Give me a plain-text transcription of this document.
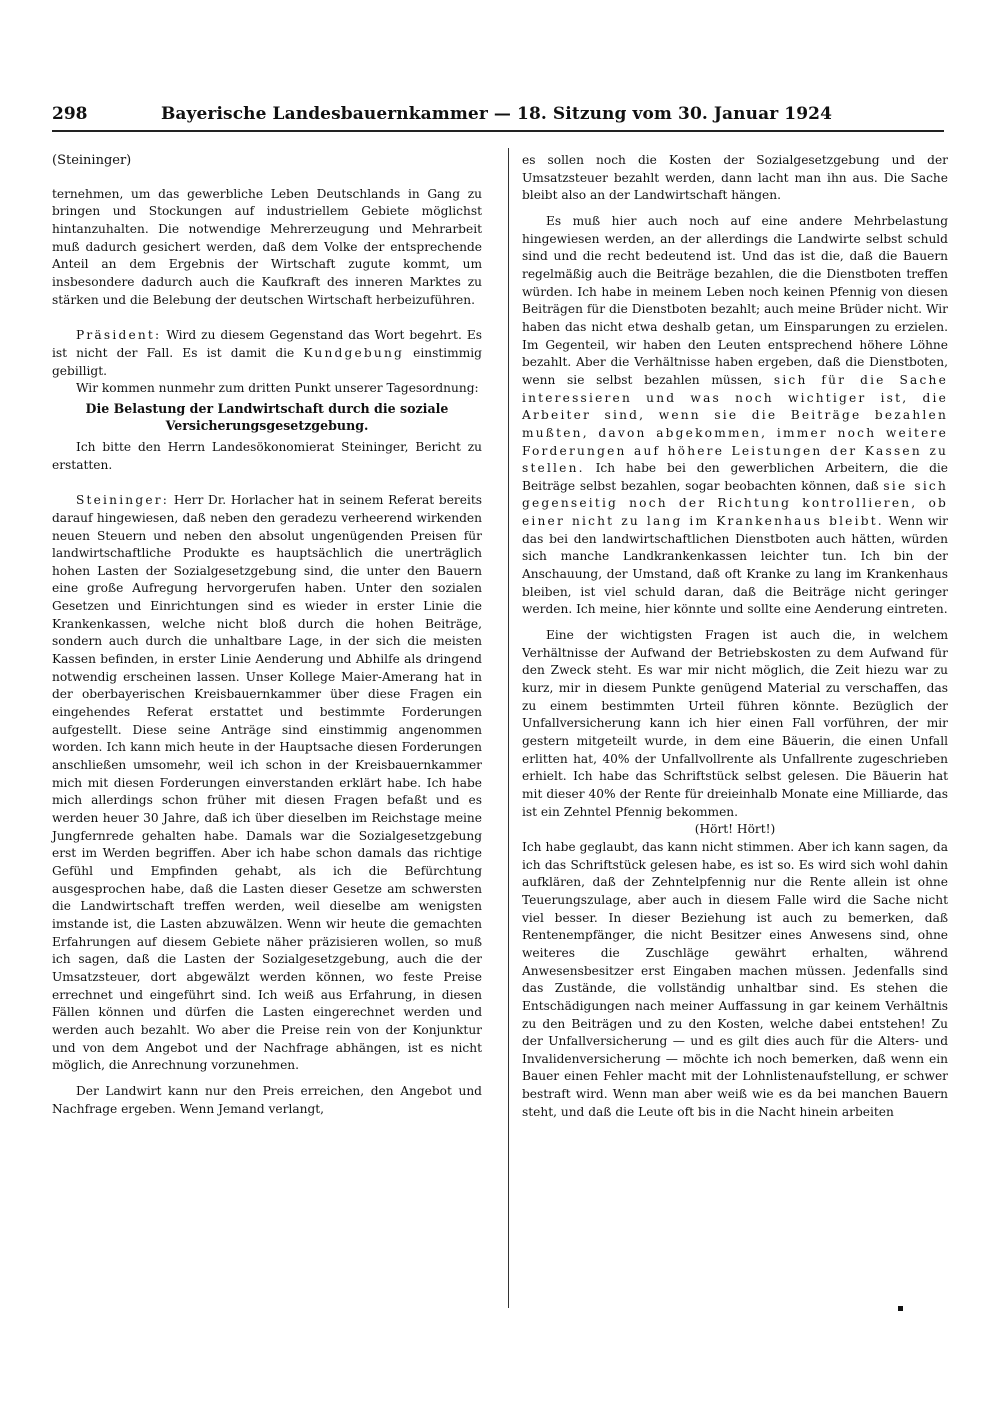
298	Bayerische Landesbauernkammer — 18. Sitzung vom 30. Januar 1924

(Steininger)

ternehmen, um das gewerbliche Leben Deutschlands in Gang zu bringen und Stockungen auf industriellem Gebiete möglichst hintanzuhalten. Die notwendige Mehrerzeugung und Mehrarbeit muß dadurch gesichert werden, daß dem Volke der entsprechende Anteil an dem Ergebnis der Wirtschaft zugute kommt, um insbesondere dadurch auch die Kaufkraft des inneren Marktes zu stärken und die Belebung der deutschen Wirtschaft herbeizuführen.

Präsident: Wird zu diesem Gegenstand das Wort begehrt. Es ist nicht der Fall. Es ist damit die Kundgebung einstimmig gebilligt.

Wir kommen nunmehr zum dritten Punkt unserer Tagesordnung:

Die Belastung der Landwirtschaft durch die soziale Versicherungsgesetzgebung.

Ich bitte den Herrn Landesökonomierat Steininger, Bericht zu erstatten.

Steininger: Herr Dr. Horlacher hat in seinem Referat bereits darauf hingewiesen, daß neben den geradezu verheerend wirkenden neuen Steuern und neben den absolut ungenügenden Preisen für landwirtschaftliche Produkte es hauptsächlich die unerträglich hohen Lasten der Sozialgesetzgebung sind, die unter den Bauern eine große Aufregung hervorgerufen haben. Unter den sozialen Gesetzen und Einrichtungen sind es wieder in erster Linie die Krankenkassen, welche nicht bloß durch die hohen Beiträge, sondern auch durch die unhaltbare Lage, in der sich die meisten Kassen befinden, in erster Linie Aenderung und Abhilfe als dringend notwendig erscheinen lassen. Unser Kollege Maier-Amerang hat in der oberbayerischen Kreisbauernkammer über diese Fragen ein eingehendes Referat erstattet und bestimmte Forderungen aufgestellt. Diese seine Anträge sind einstimmig angenommen worden. Ich kann mich heute in der Hauptsache diesen Forderungen anschließen umsomehr, weil ich schon in der Kreisbauernkammer mich mit diesen Forderungen einverstanden erklärt habe. Ich habe mich allerdings schon früher mit diesen Fragen befaßt und es werden heuer 30 Jahre, daß ich über dieselben im Reichstage meine Jungfernrede gehalten habe. Damals war die Sozialgesetzgebung erst im Werden begriffen. Aber ich habe schon damals das richtige Gefühl und Empfinden gehabt, als ich die Befürchtung ausgesprochen habe, daß die Lasten dieser Gesetze am schwersten die Landwirtschaft treffen werden, weil dieselbe am wenigsten imstande ist, die Lasten abzuwälzen. Wenn wir heute die gemachten Erfahrungen auf diesem Gebiete näher präzisieren wollen, so muß ich sagen, daß die Lasten der Sozialgesetzgebung, auch die der Umsatzsteuer, dort abgewälzt werden können, wo feste Preise errechnet und eingeführt sind. Ich weiß aus Erfahrung, in diesen Fällen können und dürfen die Lasten eingerechnet werden und werden auch bezahlt. Wo aber die Preise rein von der Konjunktur und von dem Angebot und der Nachfrage abhängen, ist es nicht möglich, die Anrechnung vorzunehmen.

Der Landwirt kann nur den Preis erreichen, den Angebot und Nachfrage ergeben. Wenn Jemand verlangt,

es sollen noch die Kosten der Sozialgesetzgebung und der Umsatzsteuer bezahlt werden, dann lacht man ihn aus. Die Sache bleibt also an der Landwirtschaft hängen.

Es muß hier auch noch auf eine andere Mehrbelastung hingewiesen werden, an der allerdings die Landwirte selbst schuld sind und die recht bedeutend ist. Und das ist die, daß die Bauern regelmäßig auch die Beiträge bezahlen, die die Dienstboten treffen würden. Ich habe in meinem Leben noch keinen Pfennig von diesen Beiträgen für die Dienstboten bezahlt; auch meine Brüder nicht. Wir haben das nicht etwa deshalb getan, um Einsparungen zu erzielen. Im Gegenteil, wir haben den Leuten entsprechend höhere Löhne bezahlt. Aber die Verhältnisse haben ergeben, daß die Dienstboten, wenn sie selbst bezahlen müssen, sich für die Sache interessieren und was noch wichtiger ist, die Arbeiter sind, wenn sie die Beiträge bezahlen mußten, davon abgekommen, immer noch weitere Forderungen auf höhere Leistungen der Kassen zu stellen. Ich habe bei den gewerblichen Arbeitern, die die Beiträge selbst bezahlen, sogar beobachten können, daß sie sich gegenseitig noch der Richtung kontrollieren, ob einer nicht zu lang im Krankenhaus bleibt. Wenn wir das bei den landwirtschaftlichen Dienstboten auch hätten, würden sich manche Landkrankenkassen leichter tun. Ich bin der Anschauung, der Umstand, daß oft Kranke zu lang im Krankenhaus bleiben, ist viel schuld daran, daß die Beiträge nicht geringer werden. Ich meine, hier könnte und sollte eine Aenderung eintreten.

Eine der wichtigsten Fragen ist auch die, in welchem Verhältnisse der Aufwand der Betriebskosten zu dem Aufwand für den Zweck steht. Es war mir nicht möglich, die Zeit hiezu war zu kurz, mir in diesem Punkte genügend Material zu verschaffen, das zu einem bestimmten Urteil führen könnte. Bezüglich der Unfallversicherung kann ich hier einen Fall vorführen, der mir gestern mitgeteilt wurde, in dem eine Bäuerin, die einen Unfall erlitten hat, 40% der Unfallvollrente als Unfallrente zugeschrieben erhielt. Ich habe das Schriftstück selbst gelesen. Die Bäuerin hat mit dieser 40% der Rente für dreieinhalb Monate eine Milliarde, das ist ein Zehntel Pfennig bekommen.

(Hört! Hört!)

Ich habe geglaubt, das kann nicht stimmen. Aber ich kann sagen, da ich das Schriftstück gelesen habe, es ist so. Es wird sich wohl dahin aufklären, daß der Zehntelpfennig nur die Rente allein ist ohne Teuerungszulage, aber auch in diesem Falle wird die Sache nicht viel besser. In dieser Beziehung ist auch zu bemerken, daß Rentenempfänger, die nicht Besitzer eines Anwesens sind, ohne weiteres die Zuschläge gewährt erhalten, während Anwesensbesitzer erst Eingaben machen müssen. Jedenfalls sind das Zustände, die vollständig unhaltbar sind. Es stehen die Entschädigungen nach meiner Auffassung in gar keinem Verhältnis zu den Beiträgen und zu den Kosten, welche dabei entstehen! Zu der Unfallversicherung — und es gilt dies auch für die Alters- und Invalidenversicherung — möchte ich noch bemerken, daß wenn ein Bauer einen Fehler macht mit der Lohnlistenaufstellung, er schwer bestraft wird. Wenn man aber weiß wie es da bei manchen Bauern steht, und daß die Leute oft bis in die Nacht hinein arbeiten
